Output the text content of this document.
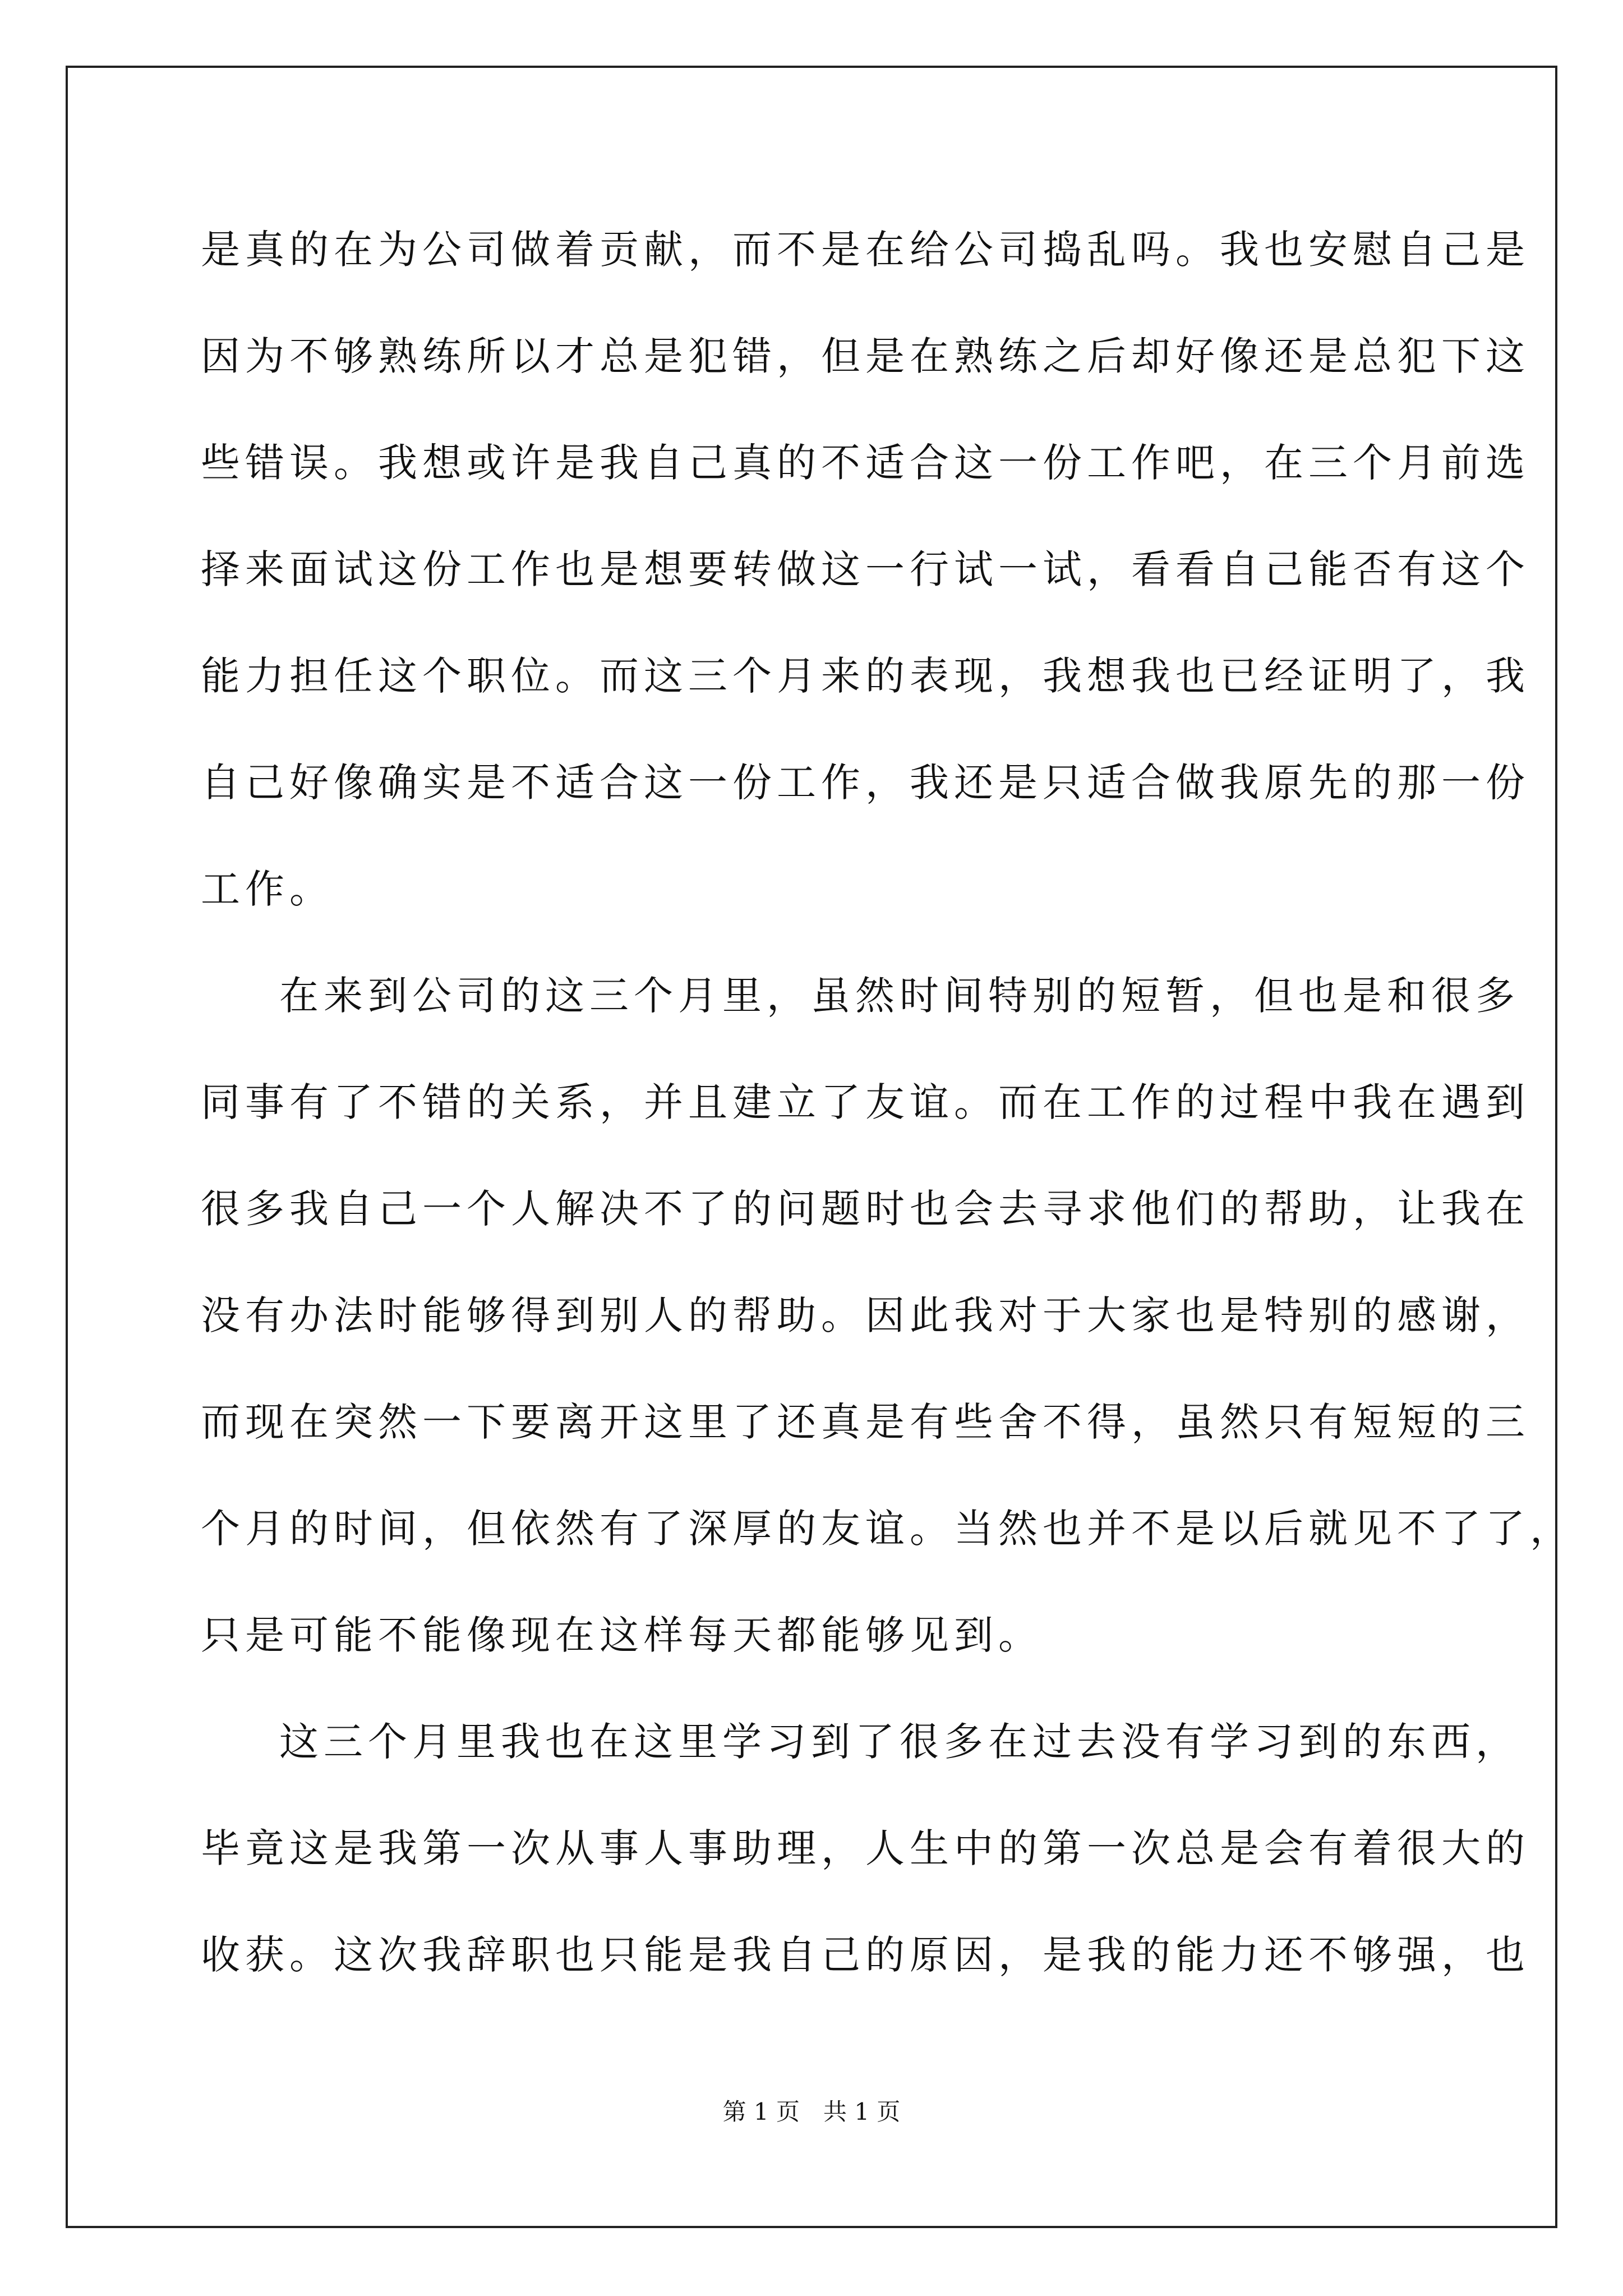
是真的在为公司做着贡献，而不是在给公司捣乱吗。我也安慰自己是
因为不够熟练所以才总是犯错，但是在熟练之后却好像还是总犯下这
些错误。我想或许是我自己真的不适合这一份工作吧，在三个月前选
择来面试这份工作也是想要转做这一行试一试，看看自己能否有这个
能力担任这个职位。而这三个月来的表现，我想我也已经证明了，我
自己好像确实是不适合这一份工作，我还是只适合做我原先的那一份
工作。
在来到公司的这三个月里，虽然时间特别的短暂，但也是和很多
同事有了不错的关系，并且建立了友谊。而在工作的过程中我在遇到
很多我自己一个人解决不了的问题时也会去寻求他们的帮助，让我在
没有办法时能够得到别人的帮助。因此我对于大家也是特别的感谢，
而现在突然一下要离开这里了还真是有些舍不得，虽然只有短短的三
个月的时间，但依然有了深厚的友谊。当然也并不是以后就见不了了，
只是可能不能像现在这样每天都能够见到。
这三个月里我也在这里学习到了很多在过去没有学习到的东西，
毕竟这是我第一次从事人事助理，人生中的第一次总是会有着很大的
收获。这次我辞职也只能是我自己的原因，是我的能力还不够强，也
第 1 页　共 1 页
